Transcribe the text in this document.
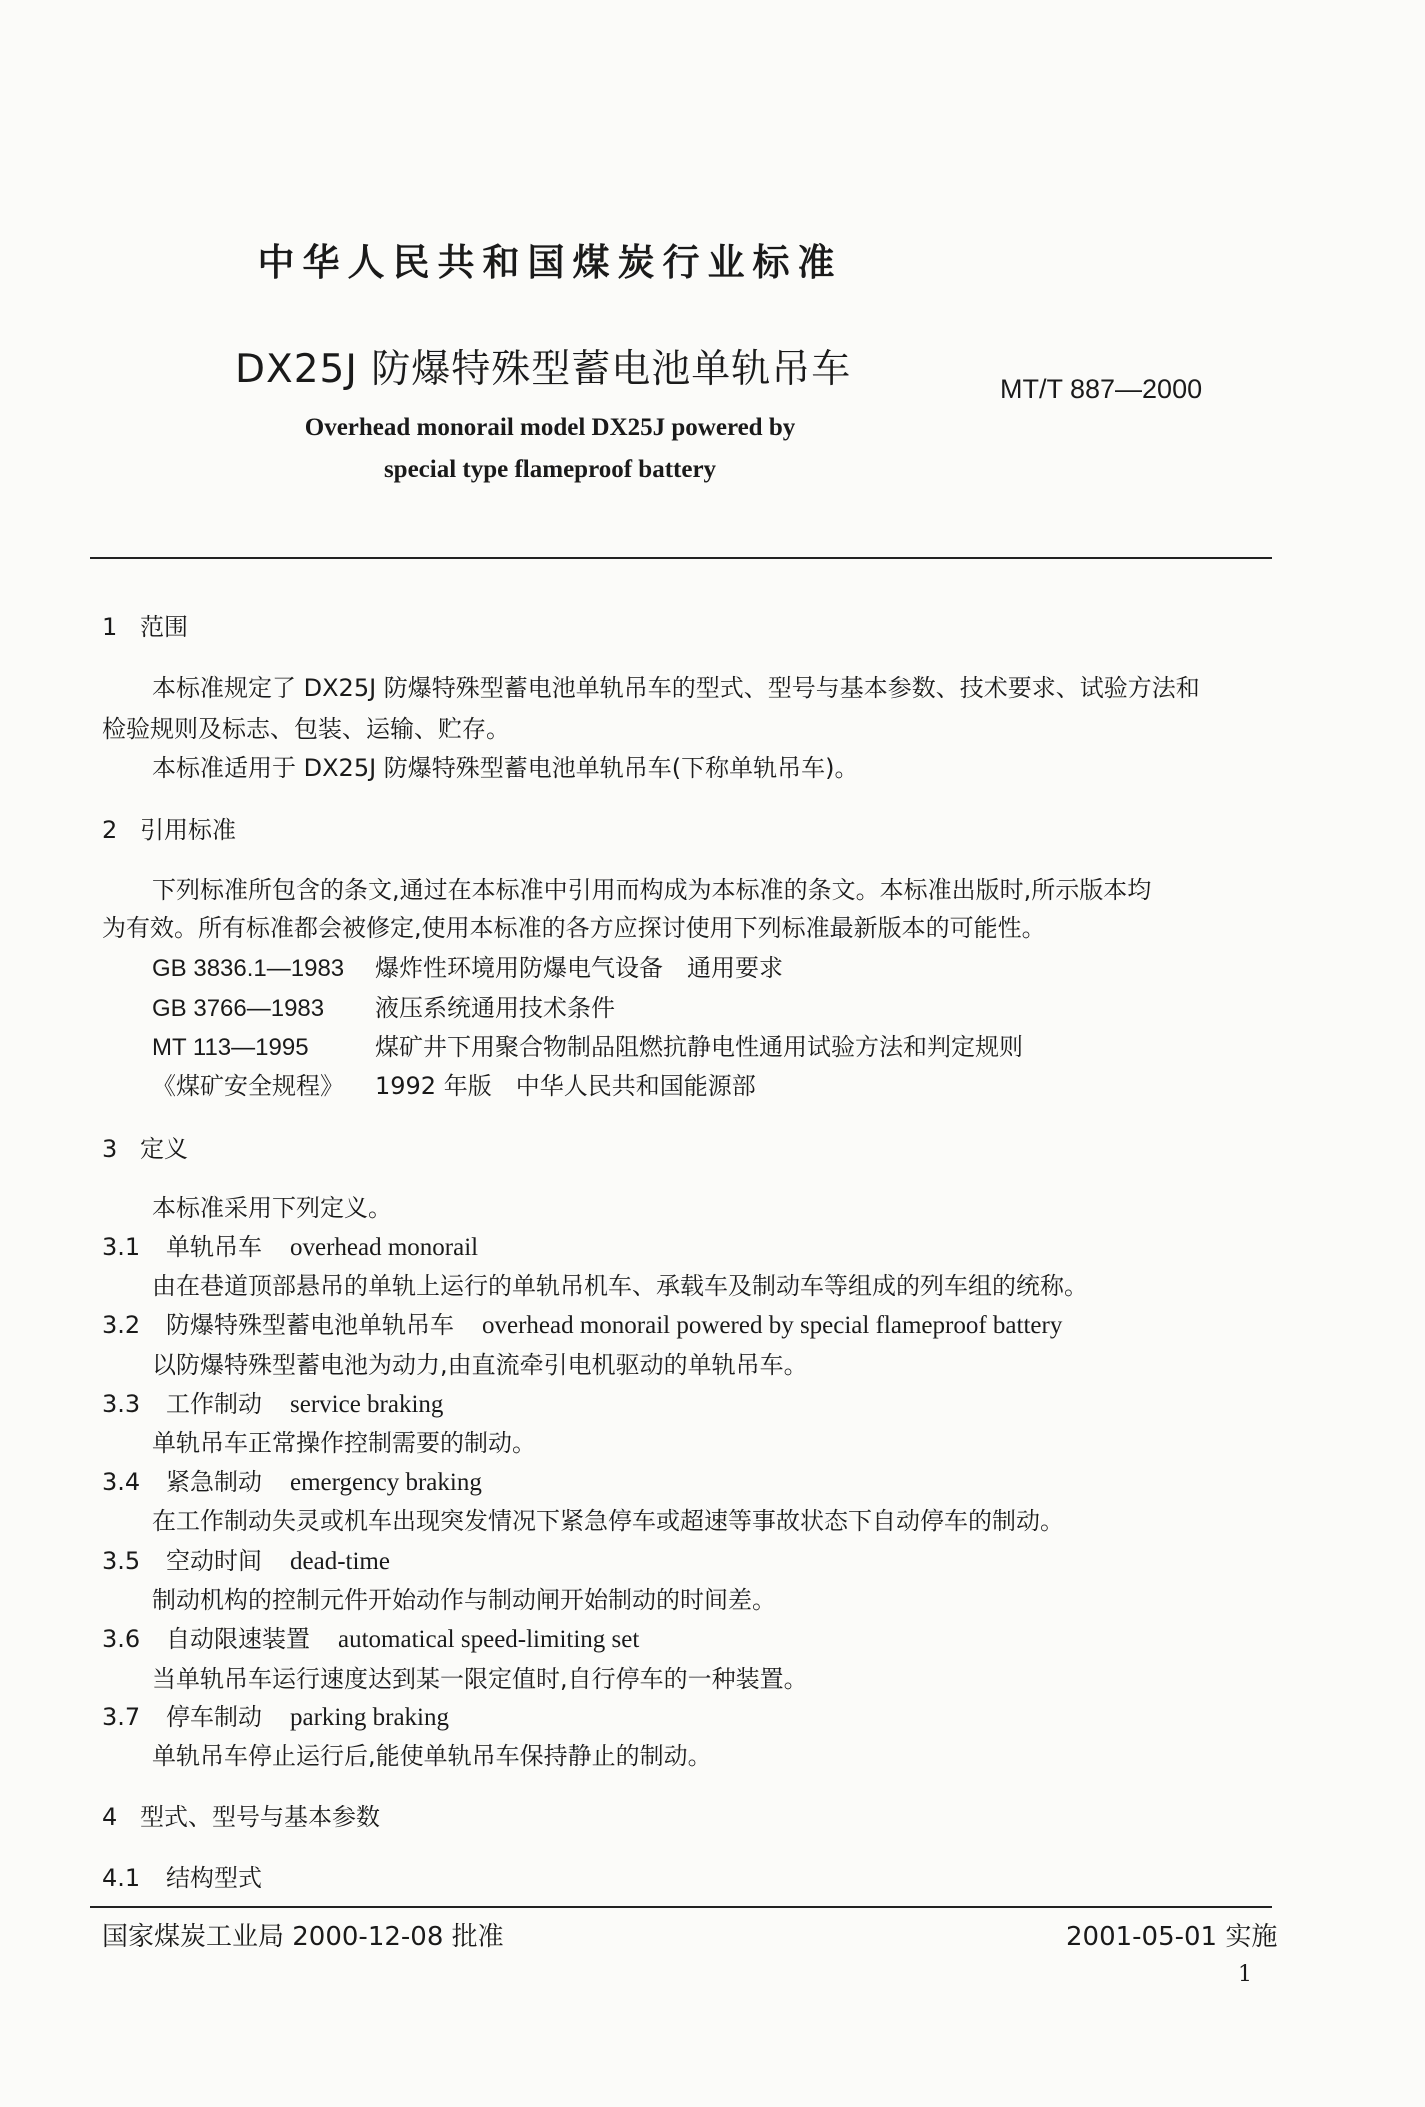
中华人民共和国煤炭行业标准
DX25J 防爆特殊型蓄电池单轨吊车	MT/T 887—2000
Overhead monorail model DX25J powered by
special type flameproof battery
1 范围
本标准规定了 DX25J 防爆特殊型蓄电池单轨吊车的型式、型号与基本参数、技术要求、试验方法和
检验规则及标志、包装、运输、贮存。
本标准适用于 DX25J 防爆特殊型蓄电池单轨吊车(下称单轨吊车)。
2 引用标准
下列标准所包含的条文,通过在本标准中引用而构成为本标准的条文。本标准出版时,所示版本均
为有效。所有标准都会被修定,使用本标准的各方应探讨使用下列标准最新版本的可能性。
GB 3836.1—1983 爆炸性环境用防爆电气设备　通用要求
GB 3766—1983 液压系统通用技术条件
MT 113—1995	煤矿井下用聚合物制品阻燃抗静电性通用试验方法和判定规则
《煤矿安全规程》 1992 年版　中华人民共和国能源部
3 定义
本标准采用下列定义。
3.1 单轨吊车 overhead monorail
由在巷道顶部悬吊的单轨上运行的单轨吊机车、承载车及制动车等组成的列车组的统称。
3.2 防爆特殊型蓄电池单轨吊车 overhead monorail powered by special flameproof battery
以防爆特殊型蓄电池为动力,由直流牵引电机驱动的单轨吊车。
3.3 工作制动 service braking
单轨吊车正常操作控制需要的制动。
3.4 紧急制动 emergency braking
在工作制动失灵或机车出现突发情况下紧急停车或超速等事故状态下自动停车的制动。
3.5 空动时间 dead-time
制动机构的控制元件开始动作与制动闸开始制动的时间差。
3.6 自动限速装置 automatical speed-limiting set
当单轨吊车运行速度达到某一限定值时,自行停车的一种装置。
3.7 停车制动 parking braking
单轨吊车停止运行后,能使单轨吊车保持静止的制动。
4 型式、型号与基本参数
4.1 结构型式
国家煤炭工业局 2000-12-08 批准	2001-05-01 实施
1
